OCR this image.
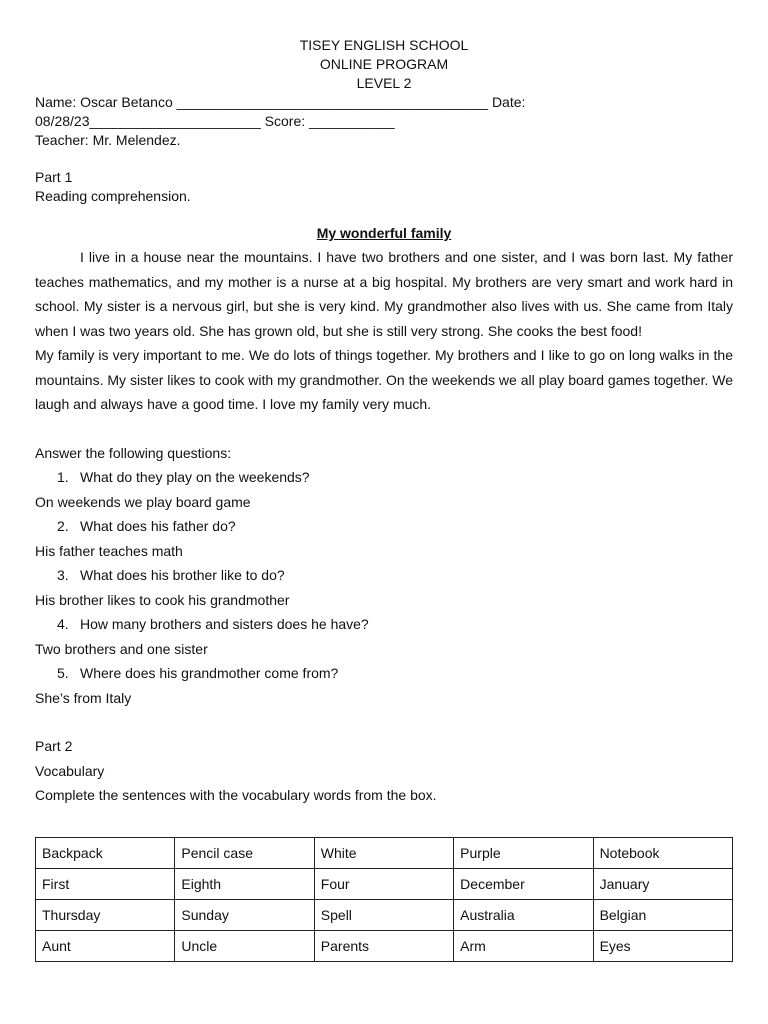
TISEY ENGLISH SCHOOL
ONLINE PROGRAM
LEVEL 2
Name: Oscar Betanco ________________________________________ Date:
08/28/23______________________ Score: ___________
Teacher: Mr. Melendez.
Part 1
Reading comprehension.
My wonderful family
I live in a house near the mountains. I have two brothers and one sister, and I was born last. My father teaches mathematics, and my mother is a nurse at a big hospital. My brothers are very smart and work hard in school. My sister is a nervous girl, but she is very kind. My grandmother also lives with us. She came from Italy when I was two years old. She has grown old, but she is still very strong. She cooks the best food!
My family is very important to me. We do lots of things together. My brothers and I like to go on long walks in the mountains. My sister likes to cook with my grandmother. On the weekends we all play board games together. We laugh and always have a good time. I love my family very much.
Answer the following questions:
1. What do they play on the weekends?
On weekends we play board game
2. What does his father do?
His father teaches math
3. What does his brother like to do?
His brother likes to cook his grandmother
4. How many brothers and sisters does he have?
Two brothers and one sister
5. Where does his grandmother come from?
She’s from Italy
Part 2
Vocabulary
Complete the sentences with the vocabulary words from the box.
Backpack	Pencil case	White	Purple	Notebook
First	Eighth	Four	December	January
Thursday	Sunday	Spell	Australia	Belgian
Aunt	Uncle	Parents	Arm	Eyes
